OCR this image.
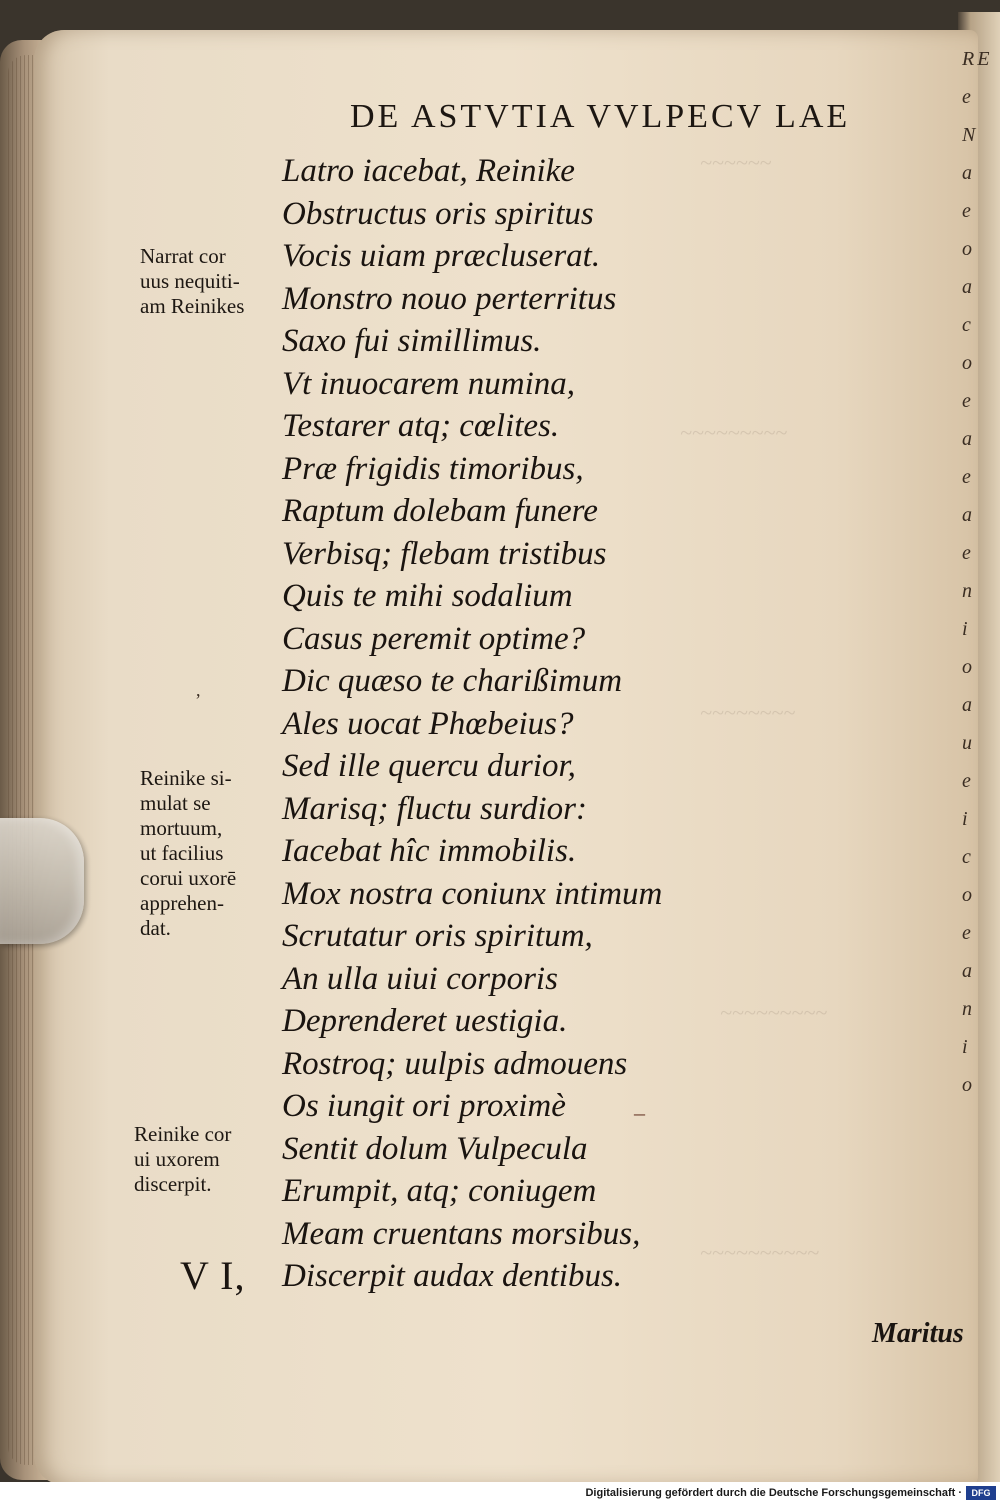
~~~~~~
~~~~~~~~~
~~~~~~~~
~~~~~~~~~
~~~~~~~~~~
R E
e
N
a
e
o
a
c
o
e
a
e
a
e
n
i
o
a
u
e
i
c
o
e
a
n
i
o
DE ASTVTIA VVLPECV LAE
Latro iacebat, Reinike
Obstructus oris spiritus
Vocis uiam præcluserat.
Monstro nouo perterritus
Saxo fui simillimus.
Vt inuocarem numina,
Testarer atq; cœlites.
Præ frigidis timoribus,
Raptum dolebam funere
Verbisq; flebam tristibus
Quis te mihi sodalium
Casus peremit optime?
Dic quæso te charißimum
Ales uocat Phœbeius?
Sed ille quercu durior,
Marisq; fluctu surdior:
Iacebat hîc immobilis.
Mox nostra coniunx intimum
Scrutatur oris spiritum,
An ulla uiui corporis
Deprenderet uestigia.
Rostroq; uulpis admouens
Os iungit ori proximè
Sentit dolum Vulpecula
Erumpit, atq; coniugem
Meam cruentans morsibus,
Discerpit audax dentibus.
Narrat cor
uus nequiti-
am Reinikes
Reinike si-
mulat se
mortuum,
ut facilius
corui uxorē
apprehen-
dat.
Reinike cor
ui uxorem
discerpit.
,
–
V I,
Maritus
Digitalisierung gefördert durch die Deutsche Forschungsgemeinschaft ·	DFG
